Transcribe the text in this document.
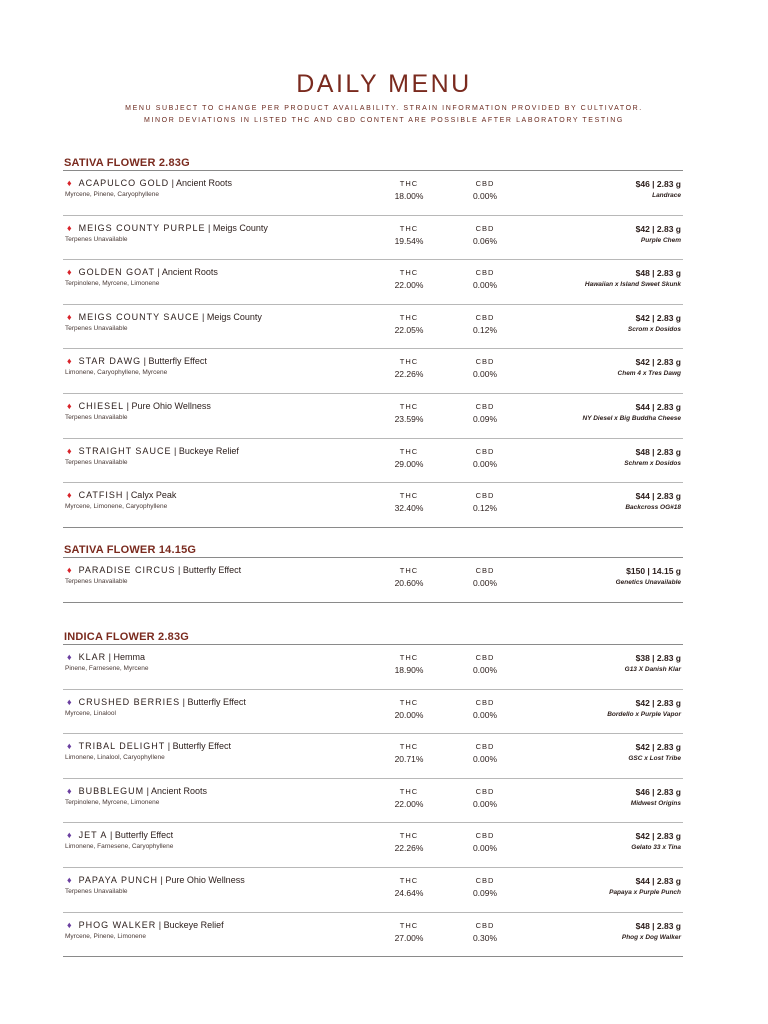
DAILY MENU
MENU SUBJECT TO CHANGE PER PRODUCT AVAILABILITY. STRAIN INFORMATION PROVIDED BY CULTIVATOR.
MINOR DEVIATIONS IN LISTED THC AND CBD CONTENT ARE POSSIBLE AFTER LABORATORY TESTING
SATIVA FLOWER 2.83G
♦ ACAPULCO GOLD | Ancient Roots
Myrcene, Pinene, Caryophyllene
THC
18.00%
CBD
0.00%
$46 | 2.83 g
Landrace
♦ MEIGS COUNTY PURPLE | Meigs County
Terpenes Unavailable
THC
19.54%
CBD
0.06%
$42 | 2.83 g
Purple Chem
♦ GOLDEN GOAT | Ancient Roots
Terpinolene, Myrcene, Limonene
THC
22.00%
CBD
0.00%
$48 | 2.83 g
Hawaiian x Island Sweet Skunk
♦ MEIGS COUNTY SAUCE | Meigs County
Terpenes Unavailable
THC
22.05%
CBD
0.12%
$42 | 2.83 g
Scrom x Dosidos
♦ STAR DAWG | Butterfly Effect
Limonene, Caryophyllene, Myrcene
THC
22.26%
CBD
0.00%
$42 | 2.83 g
Chem 4 x Tres Dawg
♦ CHIESEL | Pure Ohio Wellness
Terpenes Unavailable
THC
23.59%
CBD
0.09%
$44 | 2.83 g
NY Diesel x Big Buddha Cheese
♦ STRAIGHT SAUCE | Buckeye Relief
Terpenes Unavailable
THC
29.00%
CBD
0.00%
$48 | 2.83 g
Schrem x Dosidos
♦ CATFISH | Calyx Peak
Myrcene, Limonene, Caryophyllene
THC
32.40%
CBD
0.12%
$44 | 2.83 g
Backcross OG#18
SATIVA FLOWER 14.15G
♦ PARADISE CIRCUS | Butterfly Effect
Terpenes Unavailable
THC
20.60%
CBD
0.00%
$150 | 14.15 g
Genetics Unavailable
INDICA FLOWER 2.83G
♦ KLAR | Hemma
Pinene, Farnesene, Myrcene
THC
18.90%
CBD
0.00%
$38 | 2.83 g
G13 X Danish Klar
♦ CRUSHED BERRIES | Butterfly Effect
Myrcene, Linalool
THC
20.00%
CBD
0.00%
$42 | 2.83 g
Bordello x Purple Vapor
♦ TRIBAL DELIGHT | Butterfly Effect
Limonene, Linalool, Caryophyllene
THC
20.71%
CBD
0.00%
$42 | 2.83 g
GSC x Lost Tribe
♦ BUBBLEGUM | Ancient Roots
Terpinolene, Myrcene, Limonene
THC
22.00%
CBD
0.00%
$46 | 2.83 g
Midwest Origins
♦ JET A | Butterfly Effect
Limonene, Farnesene, Caryophyllene
THC
22.26%
CBD
0.00%
$42 | 2.83 g
Gelato 33 x Tina
♦ PAPAYA PUNCH | Pure Ohio Wellness
Terpenes Unavailable
THC
24.64%
CBD
0.09%
$44 | 2.83 g
Papaya x Purple Punch
♦ PHOG WALKER | Buckeye Relief
Myrcene, Pinene, Limonene
THC
27.00%
CBD
0.30%
$48 | 2.83 g
Phog x Dog Walker
